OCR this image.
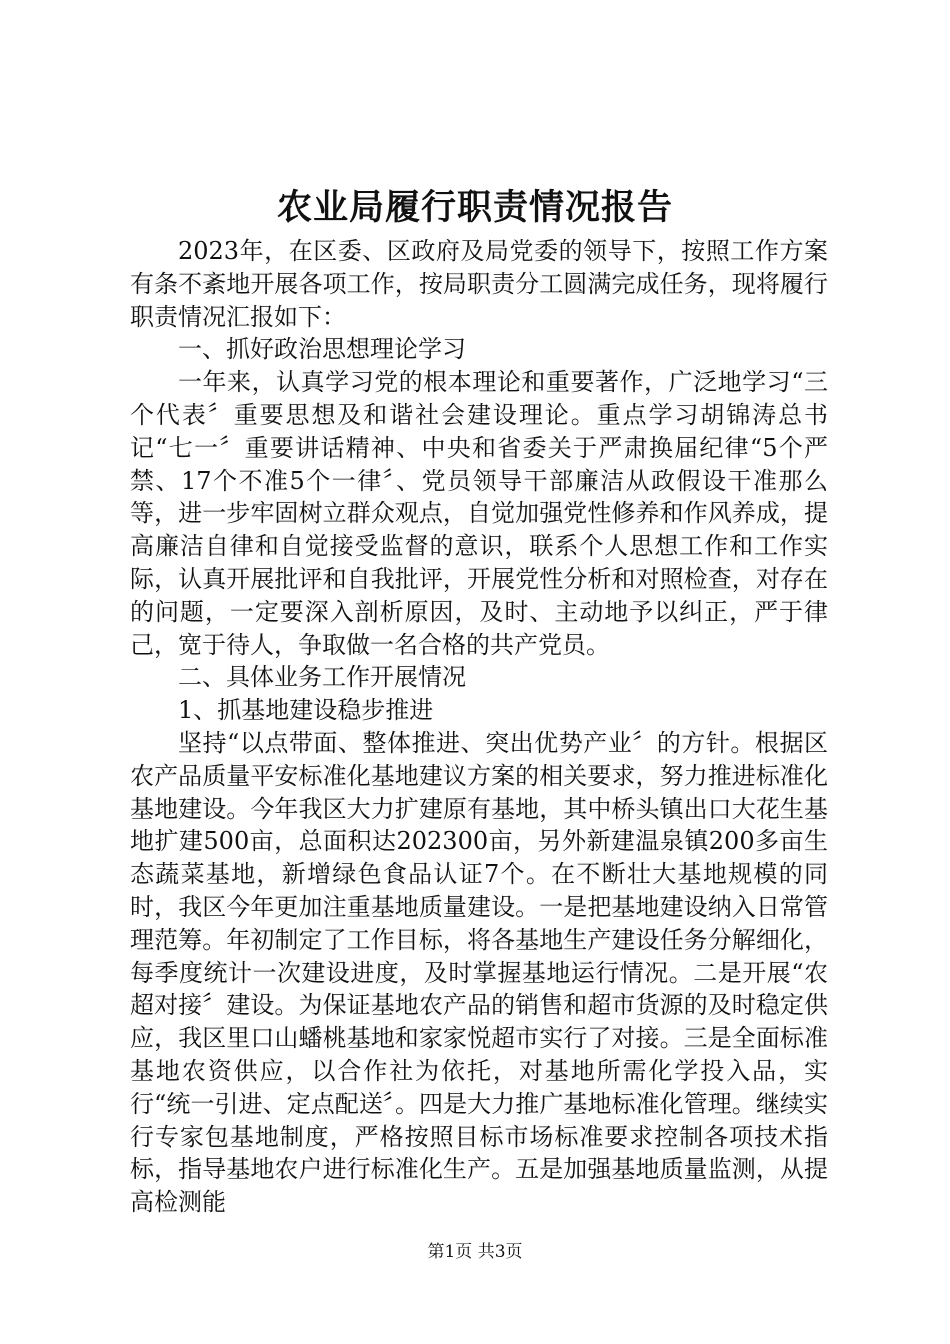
农业局履行职责情况报告

2023年，在区委、区政府及局党委的领导下，按照工作方案有条不紊地开展各项工作，按局职责分工圆满完成任务，现将履行职责情况汇报如下：

一、抓好政治思想理论学习

一年来，认真学习党的根本理论和重要著作，广泛地学习“三个代表〞重要思想及和谐社会建设理论。重点学习胡锦涛总书记“七一〞重要讲话精神、中央和省委关于严肃换届纪律“5个严禁、17个不准5个一律〞、党员领导干部廉洁从政假设干准那么等，进一步牢固树立群众观点，自觉加强党性修养和作风养成，提高廉洁自律和自觉接受监督的意识，联系个人思想工作和工作实际，认真开展批评和自我批评，开展党性分析和对照检查，对存在的问题，一定要深入剖析原因，及时、主动地予以纠正，严于律己，宽于待人，争取做一名合格的共产党员。

二、具体业务工作开展情况

1、抓基地建设稳步推进

坚持“以点带面、整体推进、突出优势产业〞的方针。根据区农产品质量平安标准化基地建议方案的相关要求，努力推进标准化基地建设。今年我区大力扩建原有基地，其中桥头镇出口大花生基地扩建500亩，总面积达202300亩，另外新建温泉镇200多亩生态蔬菜基地，新增绿色食品认证7个。在不断壮大基地规模的同时，我区今年更加注重基地质量建设。一是把基地建设纳入日常管理范筹。年初制定了工作目标，将各基地生产建设任务分解细化，每季度统计一次建设进度，及时掌握基地运行情况。二是开展“农超对接〞建设。为保证基地农产品的销售和超市货源的及时稳定供应，我区里口山蟠桃基地和家家悦超市实行了对接。三是全面标准基地农资供应，以合作社为依托，对基地所需化学投入品，实行“统一引进、定点配送〞。四是大力推广基地标准化管理。继续实行专家包基地制度，严格按照目标市场标准要求控制各项技术指标，指导基地农户进行标准化生产。五是加强基地质量监测，从提高检测能

第1页 共3页
